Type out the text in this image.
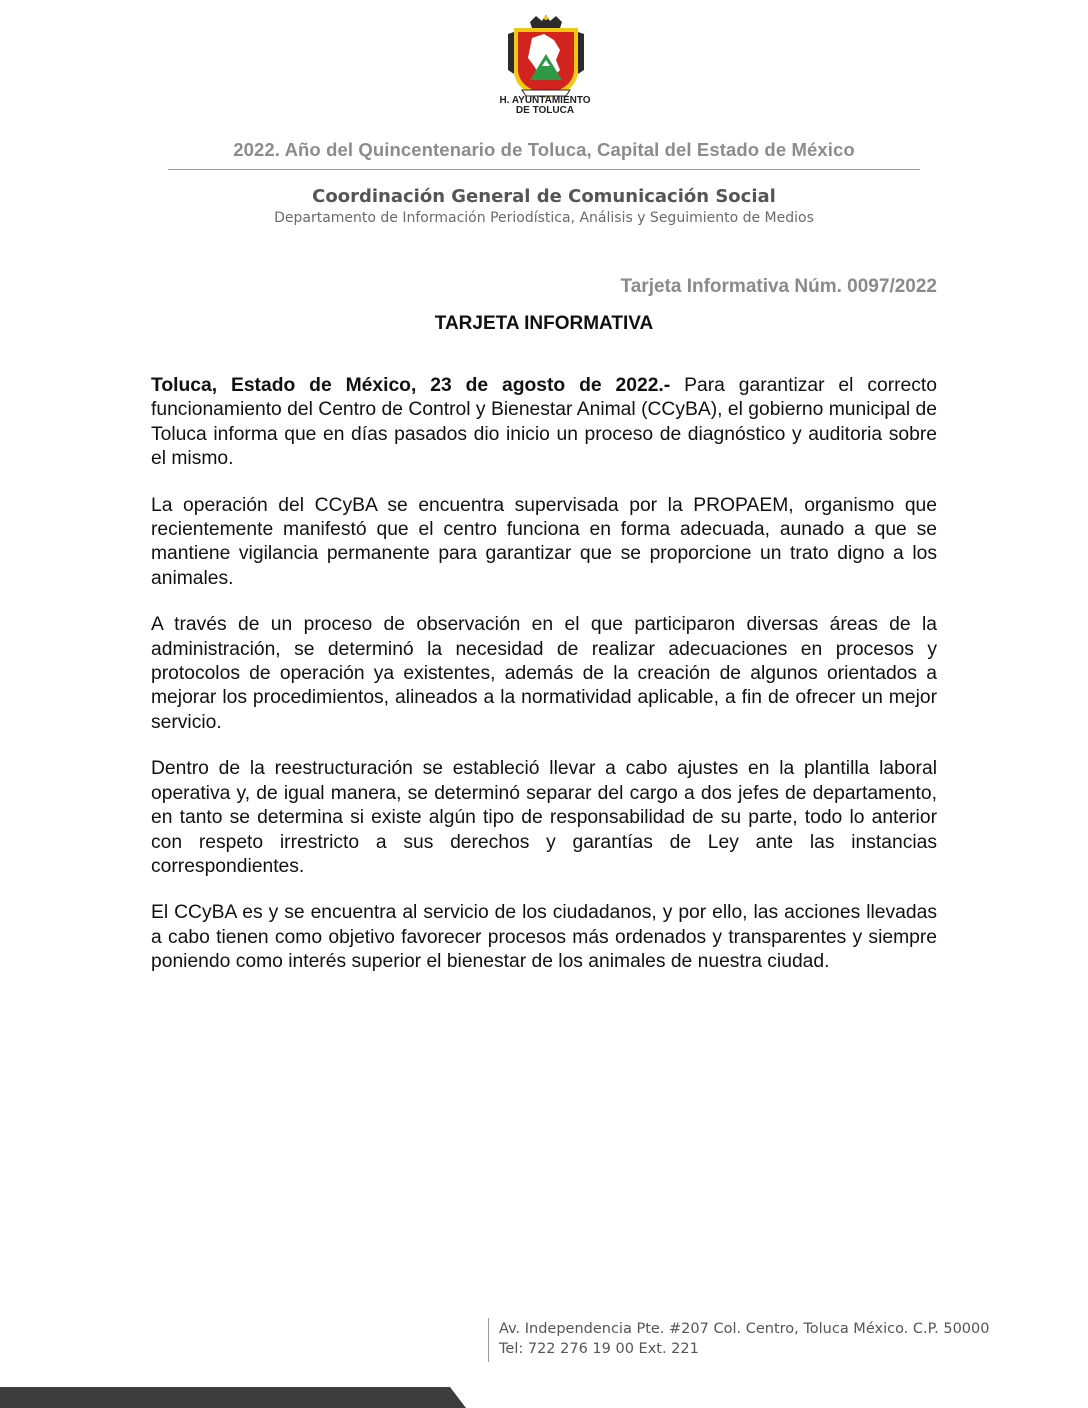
H. AYUNTAMIENTO
DE TOLUCA
2022. Año del Quincentenario de Toluca, Capital del Estado de México
Coordinación General de Comunicación Social
Departamento de Información Periodística, Análisis y Seguimiento de Medios
Tarjeta Informativa Núm. 0097/2022
TARJETA INFORMATIVA

Toluca, Estado de México, 23 de agosto de 2022.- Para garantizar el correcto funcionamiento del Centro de Control y Bienestar Animal (CCyBA), el gobierno municipal de Toluca informa que en días pasados dio inicio un proceso de diagnóstico y auditoria sobre el mismo.

La operación del CCyBA se encuentra supervisada por la PROPAEM, organismo que recientemente manifestó que el centro funciona en forma adecuada, aunado a que se mantiene vigilancia permanente para garantizar que se proporcione un trato digno a los animales.

A través de un proceso de observación en el que participaron diversas áreas de la administración, se determinó la necesidad de realizar adecuaciones en procesos y protocolos de operación ya existentes, además de la creación de algunos orientados a mejorar los procedimientos, alineados a la normatividad aplicable, a fin de ofrecer un mejor servicio.

Dentro de la reestructuración se estableció llevar a cabo ajustes en la plantilla laboral operativa y, de igual manera, se determinó separar del cargo a dos jefes de departamento, en tanto se determina si existe algún tipo de responsabilidad de su parte, todo lo anterior con respeto irrestricto a sus derechos y garantías de Ley ante las instancias correspondientes.

El CCyBA es y se encuentra al servicio de los ciudadanos, y por ello, las acciones llevadas a cabo tienen como objetivo favorecer procesos más ordenados y transparentes y siempre poniendo como interés superior el bienestar de los animales de nuestra ciudad.

Av. Independencia Pte. #207 Col. Centro, Toluca México. C.P. 50000
Tel: 722 276 19 00 Ext. 221
